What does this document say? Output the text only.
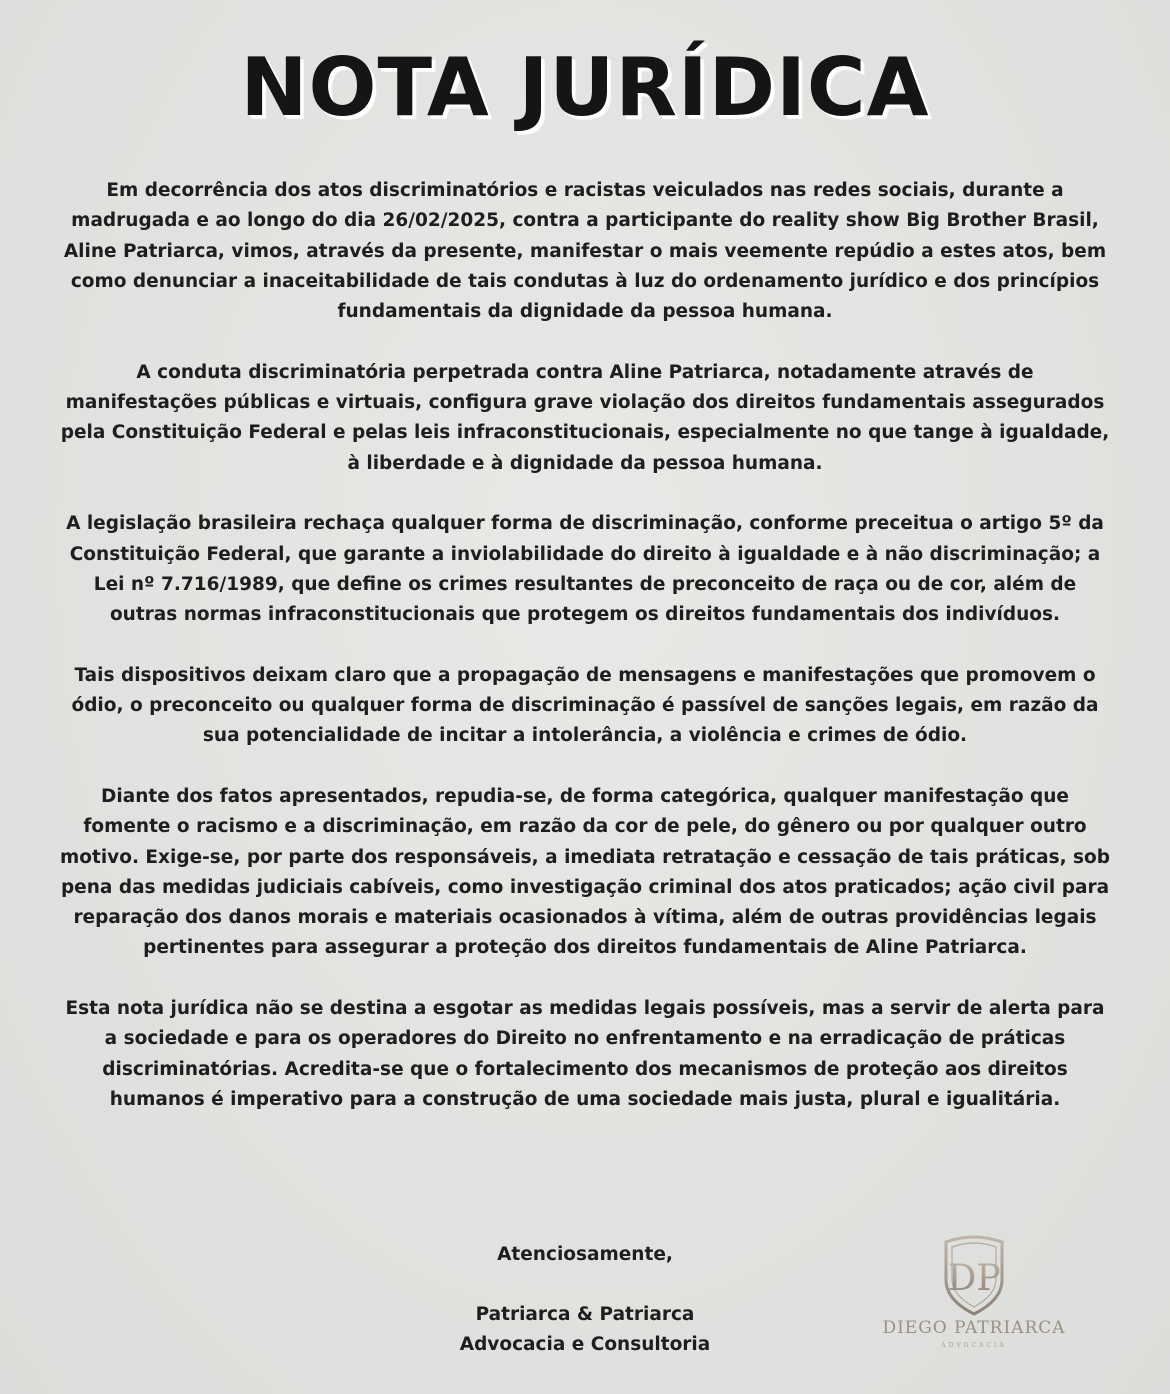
NOTA JURÍDICA

Em decorrência dos atos discriminatórios e racistas veiculados nas redes sociais, durante a madrugada e ao longo do dia 26/02/2025, contra a participante do reality show Big Brother Brasil, Aline Patriarca, vimos, através da presente, manifestar o mais veemente repúdio a estes atos, bem como denunciar a inaceitabilidade de tais condutas à luz do ordenamento jurídico e dos princípios fundamentais da dignidade da pessoa humana.

A conduta discriminatória perpetrada contra Aline Patriarca, notadamente através de manifestações públicas e virtuais, configura grave violação dos direitos fundamentais assegurados pela Constituição Federal e pelas leis infraconstitucionais, especialmente no que tange à igualdade, à liberdade e à dignidade da pessoa humana.

A legislação brasileira rechaça qualquer forma de discriminação, conforme preceitua o artigo 5º da Constituição Federal, que garante a inviolabilidade do direito à igualdade e à não discriminação; a Lei nº 7.716/1989, que define os crimes resultantes de preconceito de raça ou de cor, além de outras normas infraconstitucionais que protegem os direitos fundamentais dos indivíduos.

Tais dispositivos deixam claro que a propagação de mensagens e manifestações que promovem o ódio, o preconceito ou qualquer forma de discriminação é passível de sanções legais, em razão da sua potencialidade de incitar a intolerância, a violência e crimes de ódio.

Diante dos fatos apresentados, repudia-se, de forma categórica, qualquer manifestação que fomente o racismo e a discriminação, em razão da cor de pele, do gênero ou por qualquer outro motivo. Exige-se, por parte dos responsáveis, a imediata retratação e cessação de tais práticas, sob pena das medidas judiciais cabíveis, como investigação criminal dos atos praticados; ação civil para reparação dos danos morais e materiais ocasionados à vítima, além de outras providências legais pertinentes para assegurar a proteção dos direitos fundamentais de Aline Patriarca.

Esta nota jurídica não se destina a esgotar as medidas legais possíveis, mas a servir de alerta para a sociedade e para os operadores do Direito no enfrentamento e na erradicação de práticas discriminatórias. Acredita-se que o fortalecimento dos mecanismos de proteção aos direitos humanos é imperativo para a construção de uma sociedade mais justa, plural e igualitária.

Atenciosamente,
Patriarca & Patriarca
Advocacia e Consultoria
DP
DIEGO PATRIARCA
ADVOCACIA
